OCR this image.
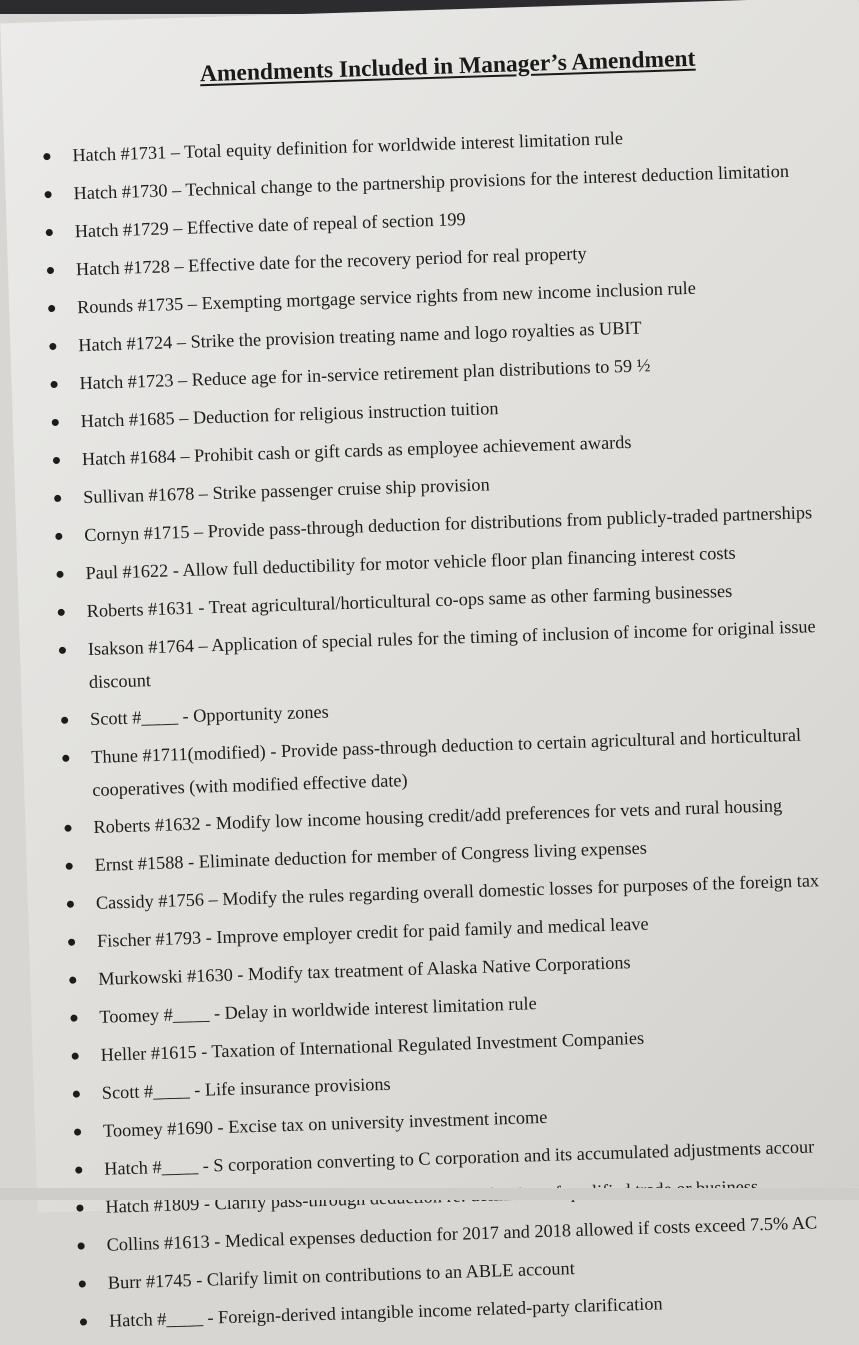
Amendments Included in Manager’s Amendment
Hatch #1731 – Total equity definition for worldwide interest limitation rule
Hatch #1730 – Technical change to the partnership provisions for the interest deduction limitation
Hatch #1729 – Effective date of repeal of section 199
Hatch #1728 – Effective date for the recovery period for real property
Rounds #1735 – Exempting mortgage service rights from new income inclusion rule
Hatch #1724 – Strike the provision treating name and logo royalties as UBIT
Hatch #1723 – Reduce age for in-service retirement plan distributions to 59 ½
Hatch #1685 – Deduction for religious instruction tuition
Hatch #1684 – Prohibit cash or gift cards as employee achievement awards
Sullivan #1678 – Strike passenger cruise ship provision
Cornyn #1715 – Provide pass-through deduction for distributions from publicly-traded partnerships
Paul #1622 - Allow full deductibility for motor vehicle floor plan financing interest costs
Roberts #1631 - Treat agricultural/horticultural co-ops same as other farming businesses
Isakson #1764 – Application of special rules for the timing of inclusion of income for original issue discount
Scott #____ - Opportunity zones
Thune #1711(modified) - Provide pass-through deduction to certain agricultural and horticultural cooperatives (with modified effective date)
Roberts #1632 - Modify low income housing credit/add preferences for vets and rural housing
Ernst #1588 - Eliminate deduction for member of Congress living expenses
Cassidy #1756 – Modify the rules regarding overall domestic losses for purposes of the foreign tax
Fischer #1793 - Improve employer credit for paid family and medical leave
Murkowski #1630 - Modify tax treatment of Alaska Native Corporations
Toomey #____ - Delay in worldwide interest limitation rule
Heller #1615 - Taxation of International Regulated Investment Companies
Scott #____ - Life insurance provisions
Toomey #1690 - Excise tax on university investment income
Hatch #____ - S corporation converting to C corporation and its accumulated adjustments accour
Collins #1613 - Medical expenses deduction for 2017 and 2018 allowed if costs exceed 7.5% AC
Burr #1745 - Clarify limit on contributions to an ABLE account
Hatch #____ - Foreign-derived intangible income related-party clarification
